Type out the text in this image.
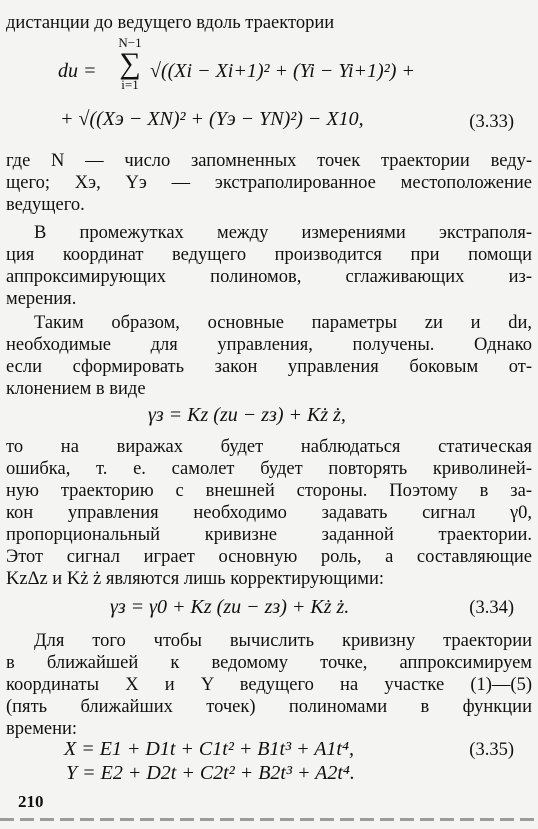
дистанции до ведущего вдоль траектории
N−1
∑
i=1
dи =	√((Xi − Xi+1)² + (Yi − Yi+1)²) +
+ √((Xэ − XN)² + (Yэ − YN)²) − X10,	(3.33)
где N — число запомненных точек траектории веду-
щего; Xэ, Yэ — экстраполированное местоположение
ведущего.
В промежутках между измерениями экстраполя-
ция координат ведущего производится при помощи
аппроксимирующих полиномов, сглаживающих из-
мерения.
Таким образом, основные параметры zи и dи,
необходимые для управления, получены. Однако
если сформировать закон управления боковым от-
клонением в виде
γз = Kz (zи − zз) + Kż ż,
то на виражах будет наблюдаться статическая
ошибка, т. е. самолет будет повторять криволиней-
ную траекторию с внешней стороны. Поэтому в за-
кон управления необходимо задавать сигнал γ0,
пропорциональный кривизне заданной траектории.
Этот сигнал играет основную роль, а составляющие
KzΔz и Kż ż являются лишь корректирующими:
γз = γ0 + Kz (zи − zз) + Kż ż.	(3.34)
Для того чтобы вычислить кривизну траектории
в ближайшей к ведомому точке, аппроксимируем
координаты X и Y ведущего на участке (1)—(5)
(пять ближайших точек) полиномами в функции
времени:
X = E1 + D1t + C1t² + B1t³ + A1t⁴,	(3.35)
Y = E2 + D2t + C2t² + B2t³ + A2t⁴.
210
